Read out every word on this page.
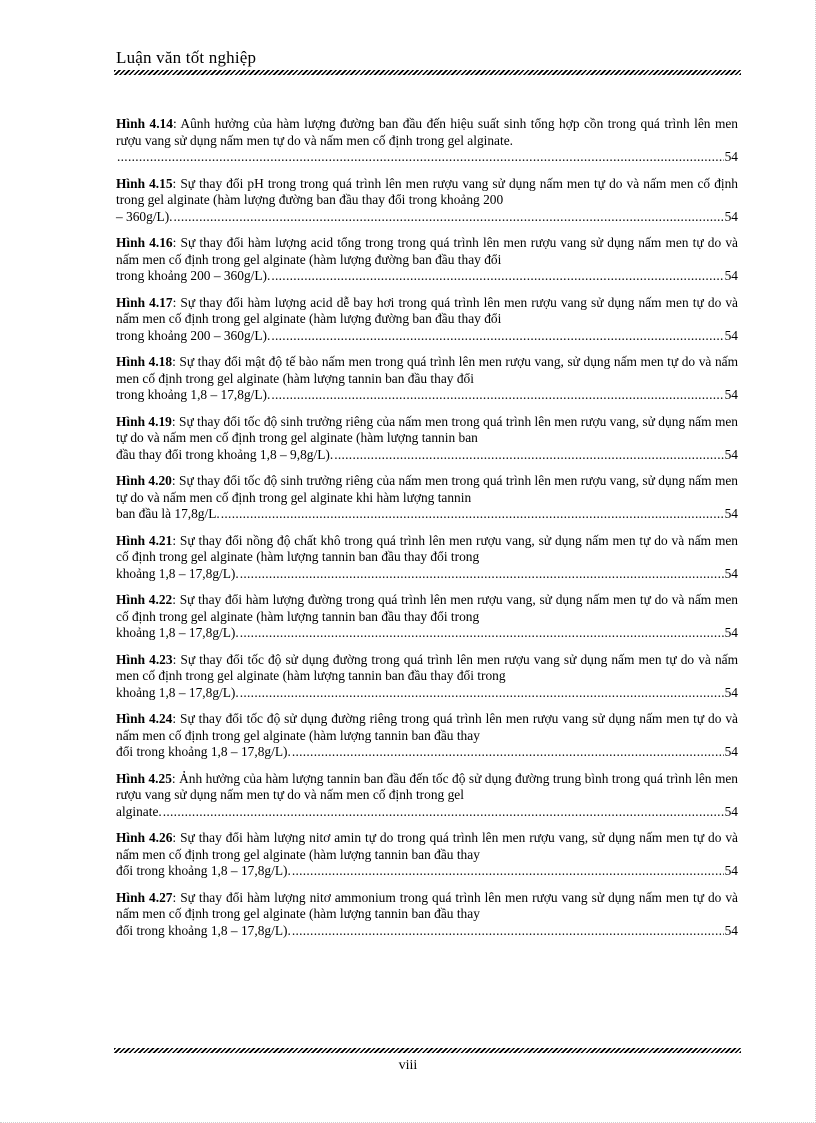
Luận văn tốt nghiệp
Hình 4.14: Aûnh hưởng của hàm lượng đường ban đầu đến hiệu suất sinh tổng hợp cồn trong quá trình lên men rượu vang sử dụng nấm men tự do và nấm men cố định trong gel alginate.
.....
54
Hình 4.15: Sự thay đổi pH trong trong quá trình lên men rượu vang sử dụng nấm men tự do và nấm men cố định trong gel alginate (hàm lượng đường ban đầu thay đổi trong khoảng 200
– 360g/L). .....	54
Hình 4.16: Sự thay đổi hàm lượng acid tổng trong trong quá trình lên men rượu vang sử dụng nấm men tự do và nấm men cố định trong gel alginate (hàm lượng đường ban đầu thay đổi
trong khoảng 200 – 360g/L). .....	54
Hình 4.17: Sự thay đổi hàm lượng acid dễ bay hơi trong quá trình lên men rượu vang sử dụng nấm men tự do và nấm men cố định trong gel alginate (hàm lượng đường ban đầu thay đổi
trong khoảng 200 – 360g/L). .....	54
Hình 4.18: Sự thay đổi mật độ tế bào nấm men trong quá trình lên men rượu vang, sử dụng nấm men tự do và nấm men cố định trong gel alginate (hàm lượng tannin ban đầu thay đổi
trong khoảng 1,8 – 17,8g/L). .....	54
Hình 4.19: Sự thay đổi tốc độ sinh trưởng riêng của nấm men trong quá trình lên men rượu vang, sử dụng nấm men tự do và nấm men cố định trong gel alginate (hàm lượng tannin ban
đầu thay đổi trong khoảng 1,8 – 9,8g/L). .....	54
Hình 4.20: Sự thay đổi tốc độ sinh trưởng riêng của nấm men trong quá trình lên men rượu vang, sử dụng nấm men tự do và nấm men cố định trong gel alginate khi hàm lượng tannin
ban đầu là 17,8g/L. .....	54
Hình 4.21: Sự thay đổi nồng độ chất khô trong quá trình lên men rượu vang, sử dụng nấm men tự do và nấm men cố định trong gel alginate (hàm lượng tannin ban đầu thay đổi trong
khoảng 1,8 – 17,8g/L). .....	54
Hình 4.22: Sự thay đổi hàm lượng đường trong quá trình lên men rượu vang, sử dụng nấm men tự do và nấm men cố định trong gel alginate (hàm lượng tannin ban đầu thay đổi trong
khoảng 1,8 – 17,8g/L). .....	54
Hình 4.23: Sự thay đổi tốc độ sử dụng đường trong quá trình lên men rượu vang sử dụng nấm men tự do và nấm men cố định trong gel alginate (hàm lượng tannin ban đầu thay đổi trong
khoảng 1,8 – 17,8g/L). .....	54
Hình 4.24: Sự thay đổi tốc độ sử dụng đường riêng trong quá trình lên men rượu vang sử dụng nấm men tự do và nấm men cố định trong gel alginate (hàm lượng tannin ban đầu thay
đổi trong khoảng 1,8 – 17,8g/L). .....	54
Hình 4.25: Ảnh hưởng của hàm lượng tannin ban đầu đến tốc độ sử dụng đường trung bình trong quá trình lên men rượu vang sử dụng nấm men tự do và nấm men cố định trong gel
alginate. .....	54
Hình 4.26: Sự thay đổi hàm lượng nitơ amin tự do trong quá trình lên men rượu vang, sử dụng nấm men tự do và nấm men cố định trong gel alginate (hàm lượng tannin ban đầu thay
đổi trong khoảng 1,8 – 17,8g/L). .....	54
Hình 4.27: Sự thay đổi hàm lượng nitơ ammonium trong quá trình lên men rượu vang sử dụng nấm men tự do và nấm men cố định trong gel alginate (hàm lượng tannin ban đầu thay
đổi trong khoảng 1,8 – 17,8g/L). .....	54
viii
